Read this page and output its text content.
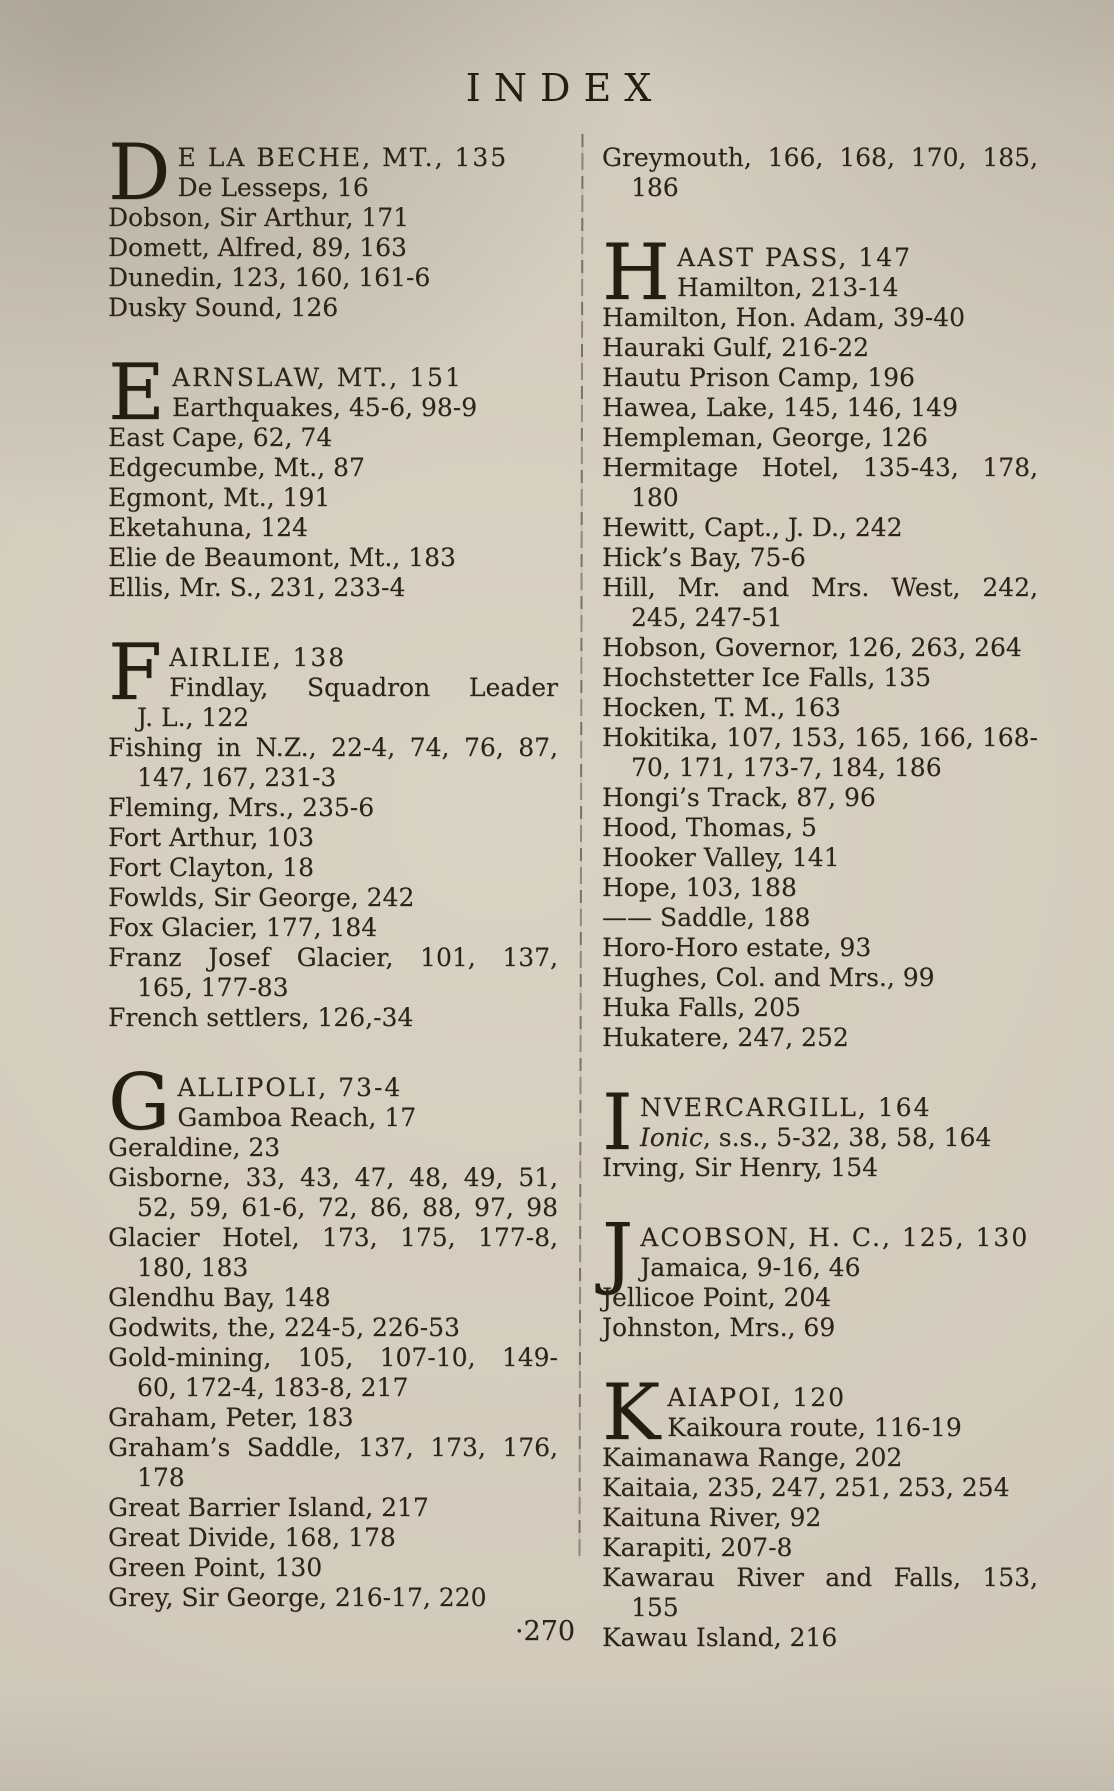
INDEX
D E LA BECHE, MT., 135
De Lesseps, 16
Dobson, Sir Arthur, 171
Domett, Alfred, 89, 163
Dunedin, 123, 160, 161-6
Dusky Sound, 126
E ARNSLAW, MT., 151
Earthquakes, 45-6, 98-9
East Cape, 62, 74
Edgecumbe, Mt., 87
Egmont, Mt., 191
Eketahuna, 124
Elie de Beaumont, Mt., 183
Ellis, Mr. S., 231, 233-4
F AIRLIE, 138
Findlay, Squadron Leader
J. L., 122
Fishing in N.Z., 22-4, 74, 76, 87,
147, 167, 231-3
Fleming, Mrs., 235-6
Fort Arthur, 103
Fort Clayton, 18
Fowlds, Sir George, 242
Fox Glacier, 177, 184
Franz Josef Glacier, 101, 137,
165, 177-83
French settlers, 126,-34
G ALLIPOLI, 73-4
Gamboa Reach, 17
Geraldine, 23
Gisborne, 33, 43, 47, 48, 49, 51,
52, 59, 61-6, 72, 86, 88, 97, 98
Glacier Hotel, 173, 175, 177-8,
180, 183
Glendhu Bay, 148
Godwits, the, 224-5, 226-53
Gold-mining, 105, 107-10, 149-
60, 172-4, 183-8, 217
Graham, Peter, 183
Graham’s Saddle, 137, 173, 176,
178
Great Barrier Island, 217
Great Divide, 168, 178
Green Point, 130
Grey, Sir George, 216-17, 220
Greymouth, 166, 168, 170, 185,
186
H AAST PASS, 147
Hamilton, 213-14
Hamilton, Hon. Adam, 39-40
Hauraki Gulf, 216-22
Hautu Prison Camp, 196
Hawea, Lake, 145, 146, 149
Hempleman, George, 126
Hermitage Hotel, 135-43, 178,
180
Hewitt, Capt., J. D., 242
Hick’s Bay, 75-6
Hill, Mr. and Mrs. West, 242,
245, 247-51
Hobson, Governor, 126, 263, 264
Hochstetter Ice Falls, 135
Hocken, T. M., 163
Hokitika, 107, 153, 165, 166, 168-
70, 171, 173-7, 184, 186
Hongi’s Track, 87, 96
Hood, Thomas, 5
Hooker Valley, 141
Hope, 103, 188
—— Saddle, 188
Horo-Horo estate, 93
Hughes, Col. and Mrs., 99
Huka Falls, 205
Hukatere, 247, 252
I NVERCARGILL, 164
Ionic, s.s., 5-32, 38, 58, 164
Irving, Sir Henry, 154
J ACOBSON, H. C., 125, 130
Jamaica, 9-16, 46
Jellicoe Point, 204
Johnston, Mrs., 69
K AIAPOI, 120
Kaikoura route, 116-19
Kaimanawa Range, 202
Kaitaia, 235, 247, 251, 253, 254
Kaituna River, 92
Karapiti, 207-8
Kawarau River and Falls, 153,
155
Kawau Island, 216
·270
